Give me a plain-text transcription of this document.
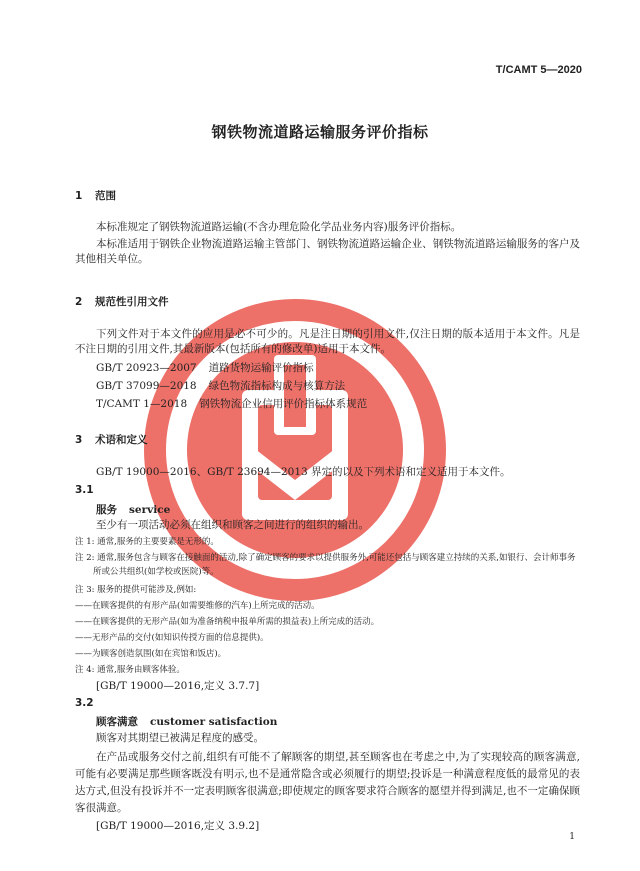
T/CAMT 5—2020
钢铁物流道路运输服务评价指标
1 范围
本标准规定了钢铁物流道路运输(不含办理危险化学品业务内容)服务评价指标。
本标准适用于钢铁企业物流道路运输主管部门、钢铁物流道路运输企业、钢铁物流道路运输服务的客户及其他相关单位。
2 规范性引用文件
下列文件对于本文件的应用是必不可少的。凡是注日期的引用文件,仅注日期的版本适用于本文件。凡是不注日期的引用文件,其最新版本(包括所有的修改单)适用于本文件。
GB/T 20923—2007 道路货物运输评价指标
GB/T 37099—2018 绿色物流指标构成与核算方法
T/CAMT 1—2018 钢铁物流企业信用评价指标体系规范
3 术语和定义
GB/T 19000—2016、GB/T 23694—2013 界定的以及下列术语和定义适用于本文件。
3.1
服务 service
至少有一项活动必须在组织和顾客之间进行的组织的输出。
注 1: 通常,服务的主要要素是无形的。
注 2: 通常,服务包含与顾客在接触面的活动,除了确定顾客的要求以提供服务外,可能还包括与顾客建立持续的关系,如银行、会计师事务所或公共组织(如学校或医院)等。
注 3: 服务的提供可能涉及,例如:
——在顾客提供的有形产品(如需要维修的汽车)上所完成的活动。
——在顾客提供的无形产品(如为准备纳税申报单所需的损益表)上所完成的活动。
——无形产品的交付(如知识传授方面的信息提供)。
——为顾客创造氛围(如在宾馆和饭店)。
注 4: 通常,服务由顾客体验。
[GB/T 19000—2016,定义 3.7.7]
3.2
顾客满意 customer satisfaction
顾客对其期望已被满足程度的感受。
在产品或服务交付之前,组织有可能不了解顾客的期望,甚至顾客也在考虑之中,为了实现较高的顾客满意,可能有必要满足那些顾客既没有明示,也不是通常隐含或必须履行的期望;投诉是一种满意程度低的最常见的表达方式,但没有投诉并不一定表明顾客很满意;即使规定的顾客要求符合顾客的愿望并得到满足,也不一定确保顾客很满意。
[GB/T 19000—2016,定义 3.9.2]
1
